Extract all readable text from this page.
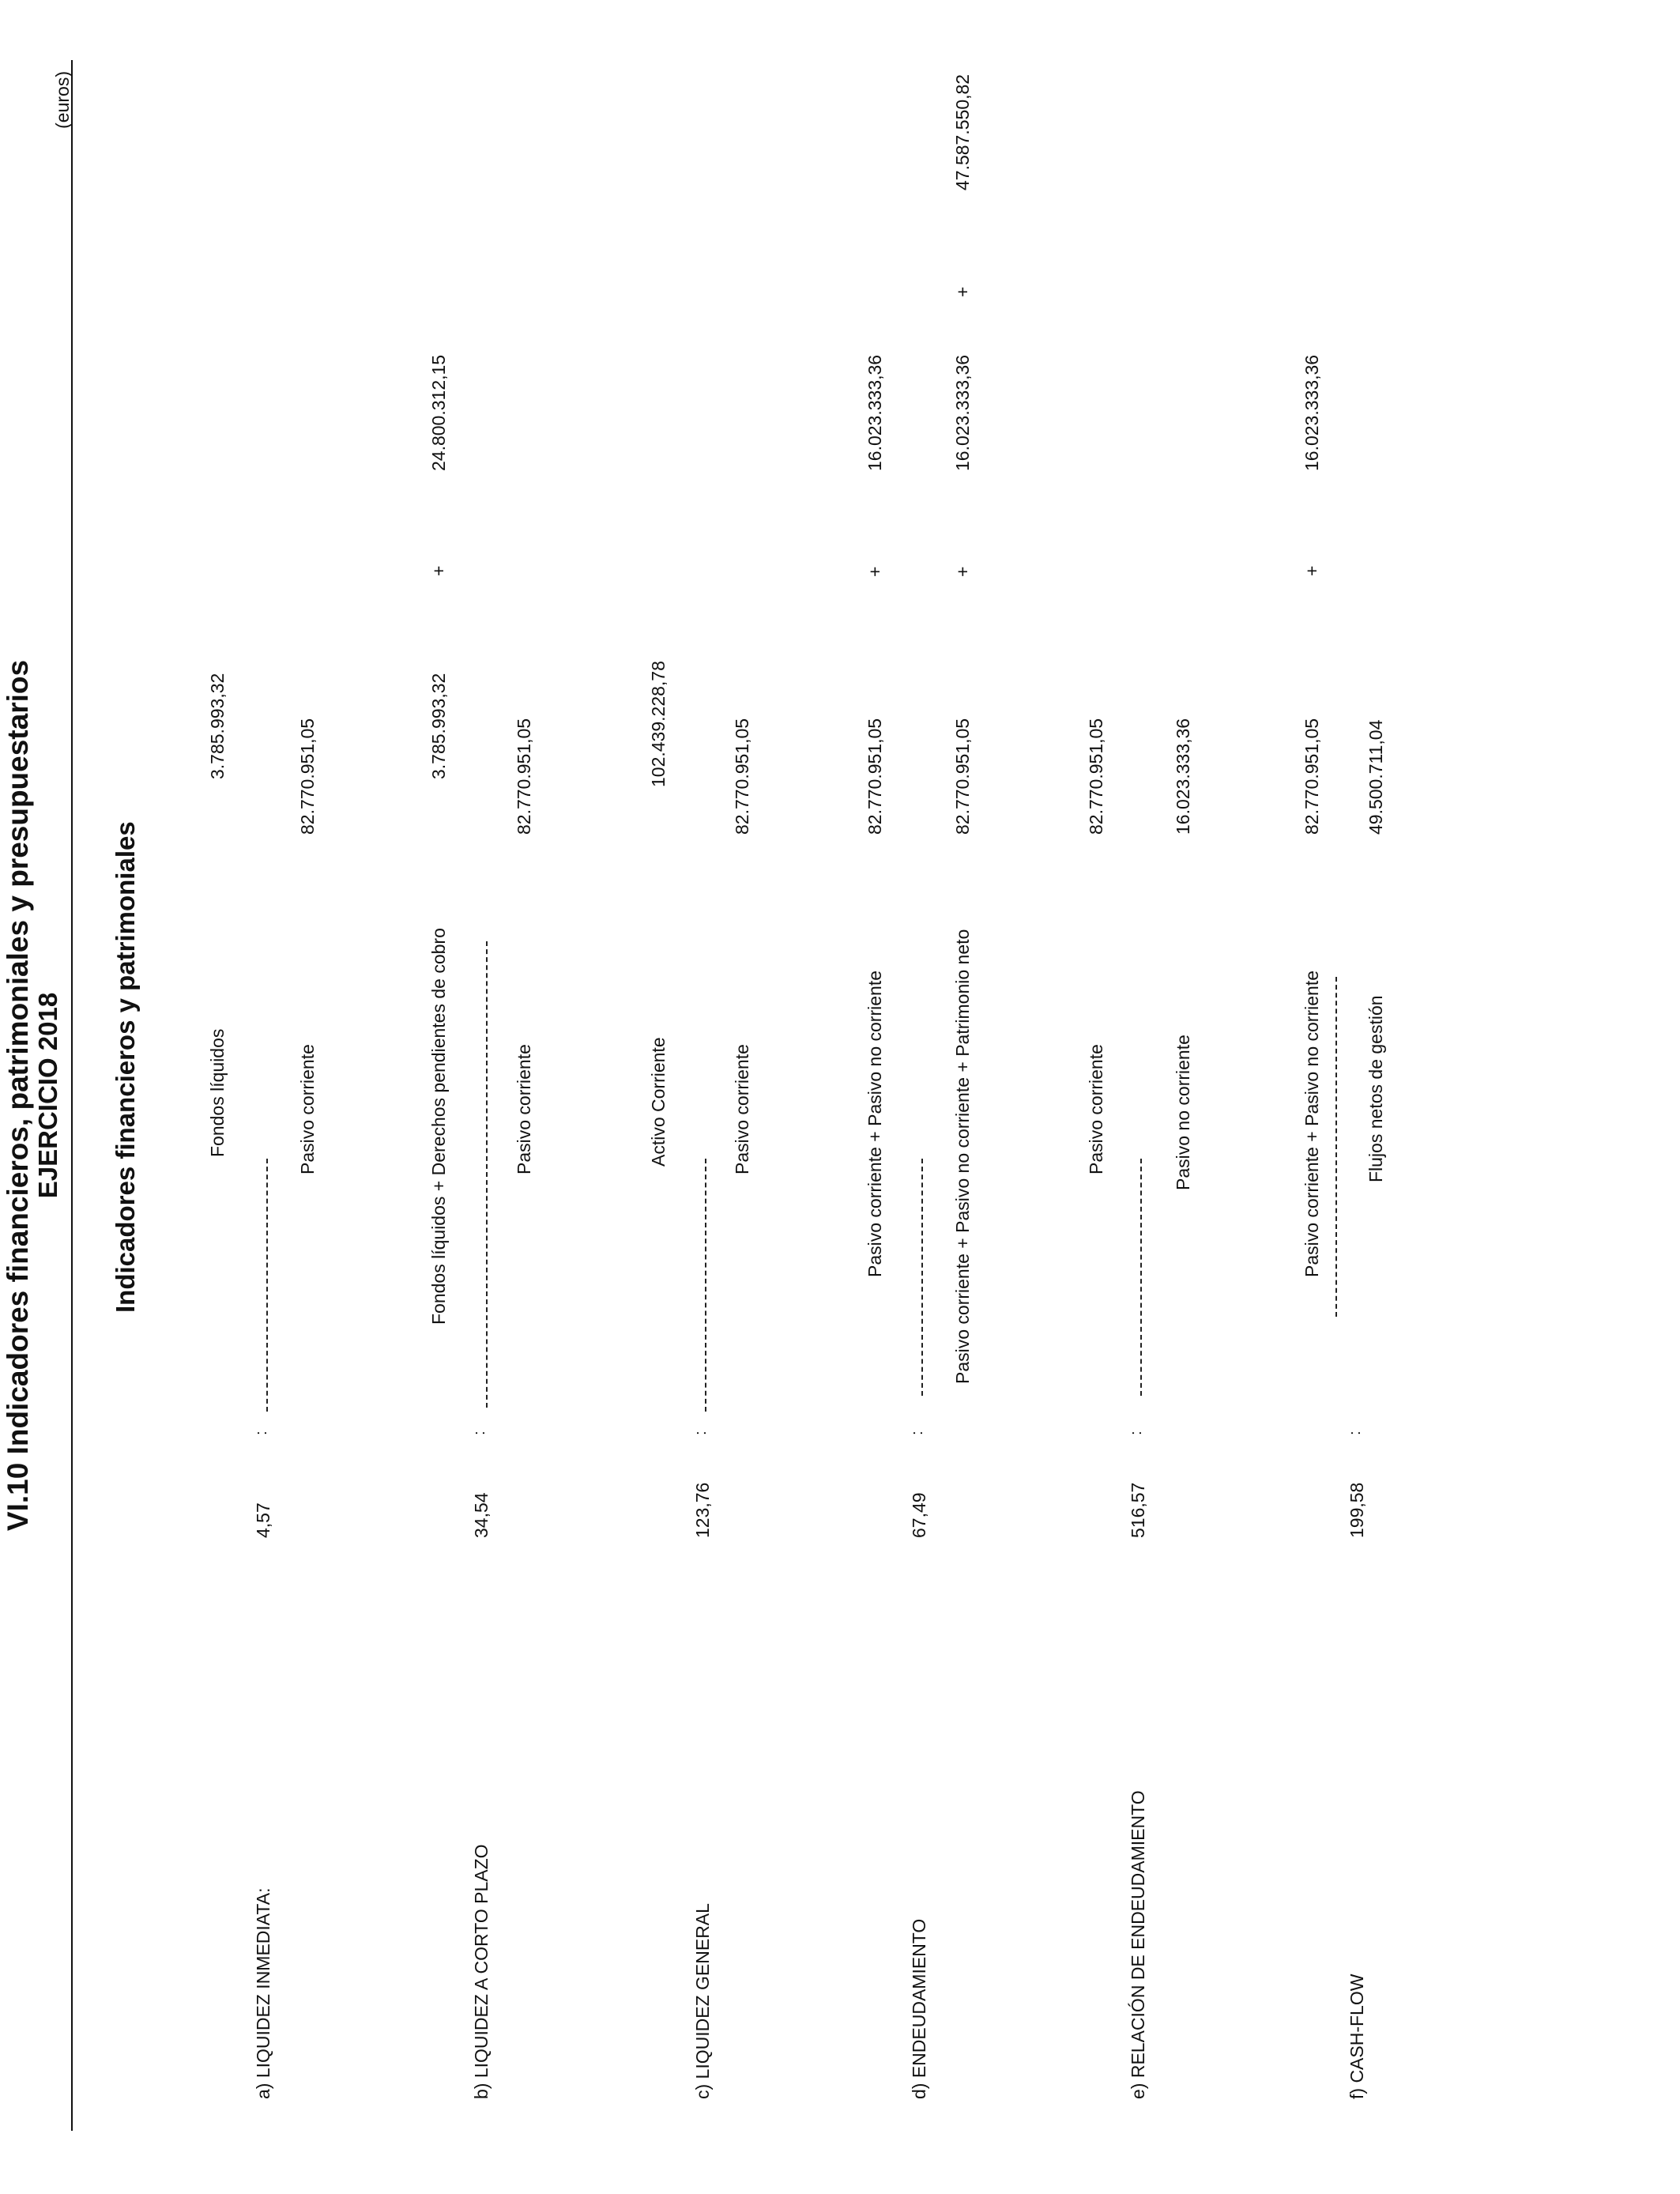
VI.10 Indicadores financieros, patrimoniales y presupuestarios EJERCICIO 2018
(euros)
Indicadores financieros y patrimoniales
a) LIQUIDEZ INMEDIATA:
4,57
:
Fondos líquidos
3.785.993,32
Pasivo corriente
82.770.951,05
b) LIQUIDEZ A CORTO PLAZO
34,54
:
Fondos líquidos + Derechos pendientes de cobro
3.785.993,32
+
24.800.312,15
Pasivo corriente
82.770.951,05
c) LIQUIDEZ GENERAL
123,76
:
Activo Corriente
102.439.228,78
Pasivo corriente
82.770.951,05
d) ENDEUDAMIENTO
67,49
:
Pasivo corriente + Pasivo no corriente
82.770.951,05
+
16.023.333,36
Pasivo corriente + Pasivo no corriente + Patrimonio neto
82.770.951,05
+
16.023.333,36
+
47.587.550,82
e) RELACIÓN DE ENDEUDAMIENTO
516,57
:
Pasivo corriente
82.770.951,05
Pasivo no corriente
16.023.333,36
f) CASH-FLOW
199,58
:
Pasivo corriente + Pasivo no corriente
82.770.951,05
+
16.023.333,36
Flujos netos de gestión
49.500.711,04
